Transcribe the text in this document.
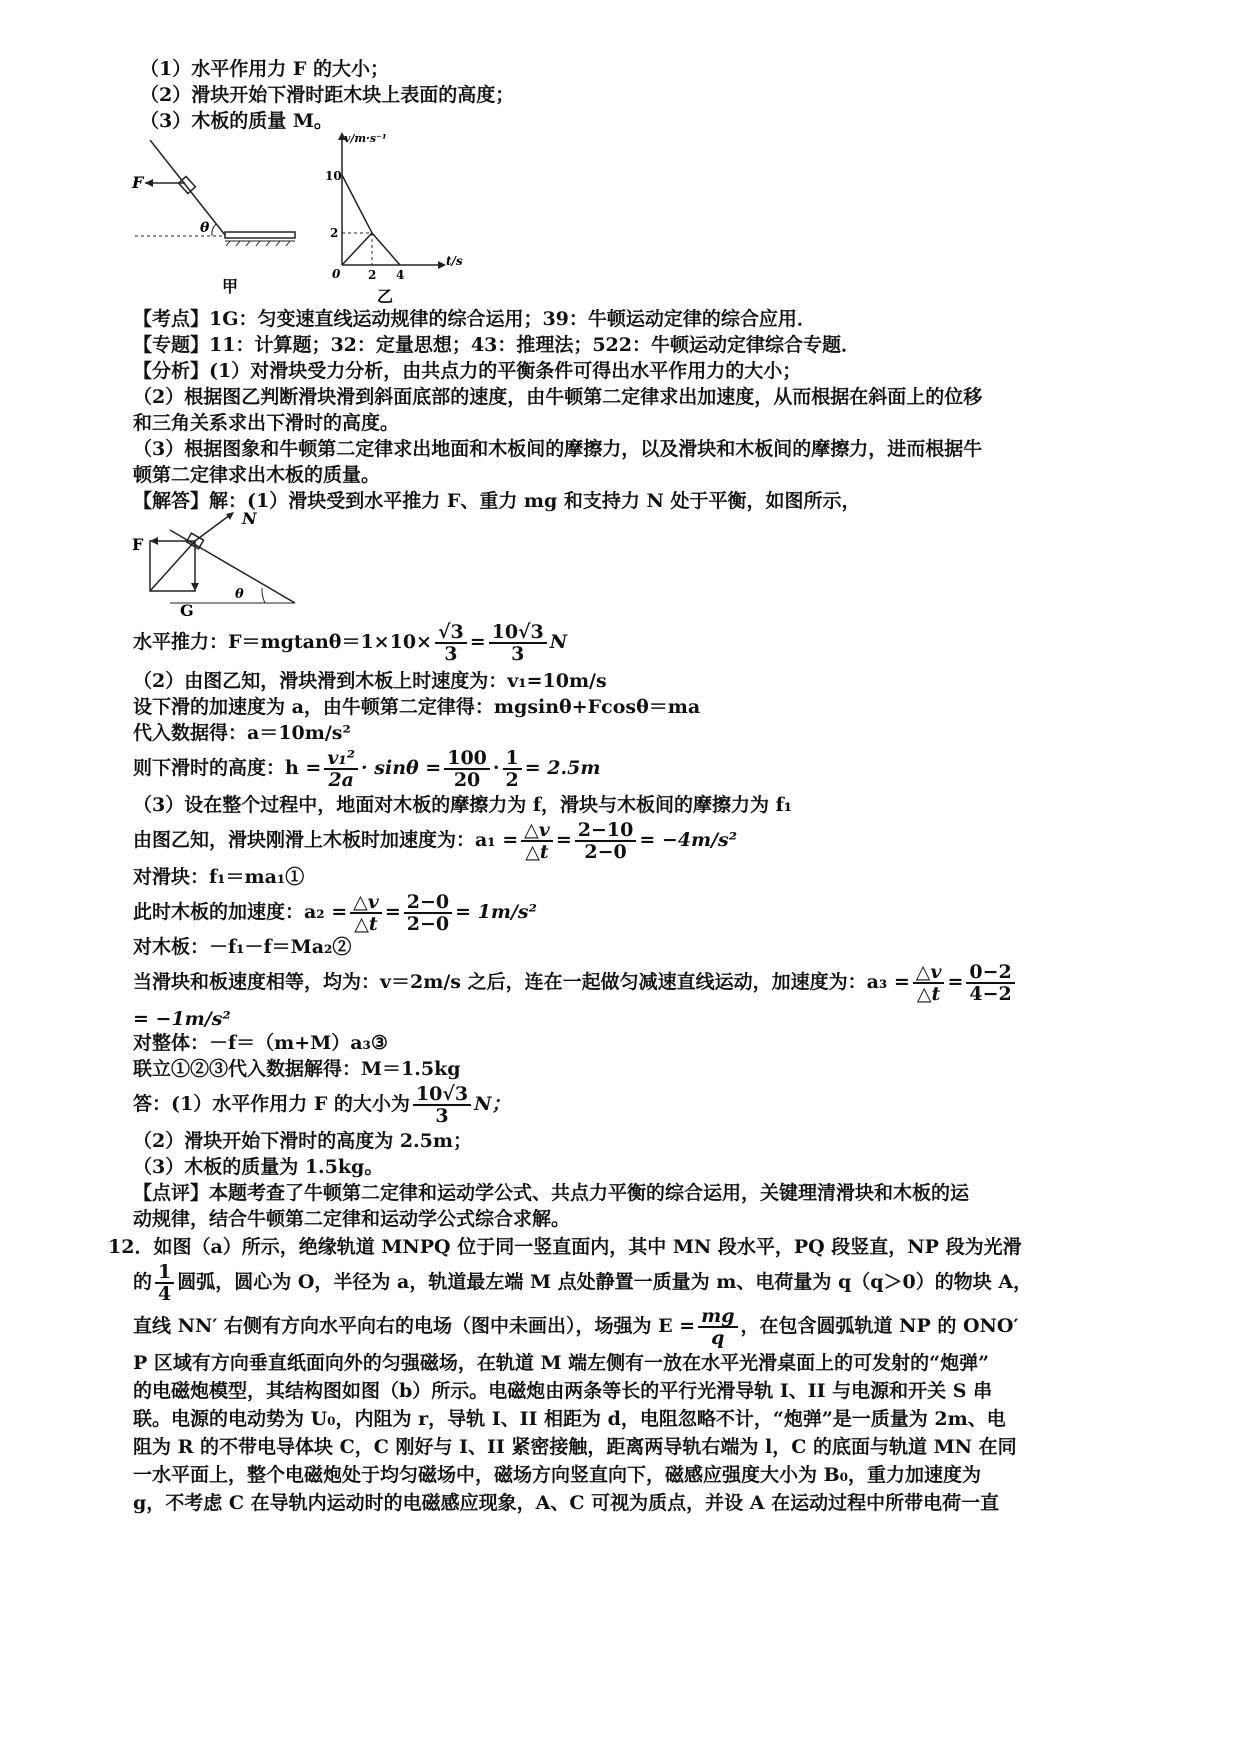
（1）水平作用力 F 的大小；
（2）滑块开始下滑时距木块上表面的高度；
（3）木板的质量 M。
F
θ
甲
v/m·s⁻¹
t/s
10
2
0 2 4
乙
【考点】1G：匀变速直线运动规律的综合运用；39：牛顿运动定律的综合应用．
【专题】11：计算题；32：定量思想；43：推理法；522：牛顿运动定律综合专题．
【分析】(1）对滑块受力分析，由共点力的平衡条件可得出水平作用力的大小；
（2）根据图乙判断滑块滑到斜面底部的速度，由牛顿第二定律求出加速度，从而根据在斜面上的位移
和三角关系求出下滑时的高度。
（3）根据图象和牛顿第二定律求出地面和木板间的摩擦力，以及滑块和木板间的摩擦力，进而根据牛
顿第二定律求出木板的质量。
【解答】解：(1）滑块受到水平推力 F、重力 mg 和支持力 N 处于平衡，如图所示，
N
F
G
θ
水平推力：$F=mgtan\theta=1\times 10\times \frac{√3}{3} = \frac{10√3}{3}$ N
（2）由图乙知，滑块滑到木板上时速度为：v₁=10m/s
设下滑的加速度为 a，由牛顿第二定律得：mgsinθ+Fcosθ＝ma
代入数据得：a＝10m/s²
则下滑时的高度：$h = \frac{\text{v₁²}}{2a} \cdot \sin\theta = \frac{100}{20} \cdot \frac{1}{2} = 2.5m$
（3）设在整个过程中，地面对木板的摩擦力为 f，滑块与木板间的摩擦力为 f₁
由图乙知，滑块刚滑上木板时加速度为：$a_1 = \frac{\triangle v}{\triangle t} = \frac{2-10}{2-0} = -4m/s^2$
对滑块：f₁＝ma₁①
此时木板的加速度：$a_2 = \frac{\triangle v}{\triangle t} = \frac{2-0}{2-0} = 1m/s^2$
对木板：－f₁－f＝Ma₂②
当滑块和板速度相等，均为：v＝2m/s 之后，连在一起做匀减速直线运动，加速度为：$a_3 = \frac{\triangle v}{\triangle t} = \frac{0-2}{4-2}$
= −1m/s²
对整体：－f＝（m+M）a₃③
联立①②③代入数据解得：M＝1.5kg
答：(1）水平作用力 F 的大小为 $\frac{10√3}{3}$ N；
（2）滑块开始下滑时的高度为 2.5m；
（3）木板的质量为 1.5kg。
【点评】本题考查了牛顿第二定律和运动学公式、共点力平衡的综合运用，关键理清滑块和木板的运
动规律，结合牛顿第二定律和运动学公式综合求解。
12．如图（a）所示，绝缘轨道 MNPQ 位于同一竖直面内，其中 MN 段水平，PQ 段竖直，NP 段为光滑
的 $\frac{1}{4}$ 圆弧，圆心为 O，半径为 a，轨道最左端 M 点处静置一质量为 m、电荷量为 q（q＞0）的物块 A，
直线 NN′ 右侧有方向水平向右的电场（图中未画出），场强为 $E = \frac{mg}{q}$ ，在包含圆弧轨道 NP 的 ONO′
P 区域有方向垂直纸面向外的匀强磁场，在轨道 M 端左侧有一放在水平光滑桌面上的可发射的“炮弹”
的电磁炮模型，其结构图如图（b）所示。电磁炮由两条等长的平行光滑导轨 I、II 与电源和开关 S 串
联。电源的电动势为 U₀，内阻为 r，导轨 I、II 相距为 d，电阻忽略不计，“炮弹”是一质量为 2m、电
阻为 R 的不带电导体块 C，C 刚好与 I、II 紧密接触，距离两导轨右端为 l，C 的底面与轨道 MN 在同
一水平面上，整个电磁炮处于均匀磁场中，磁场方向竖直向下，磁感应强度大小为 B₀，重力加速度为
g，不考虑 C 在导轨内运动时的电磁感应现象，A、C 可视为质点，并设 A 在运动过程中所带电荷一直
